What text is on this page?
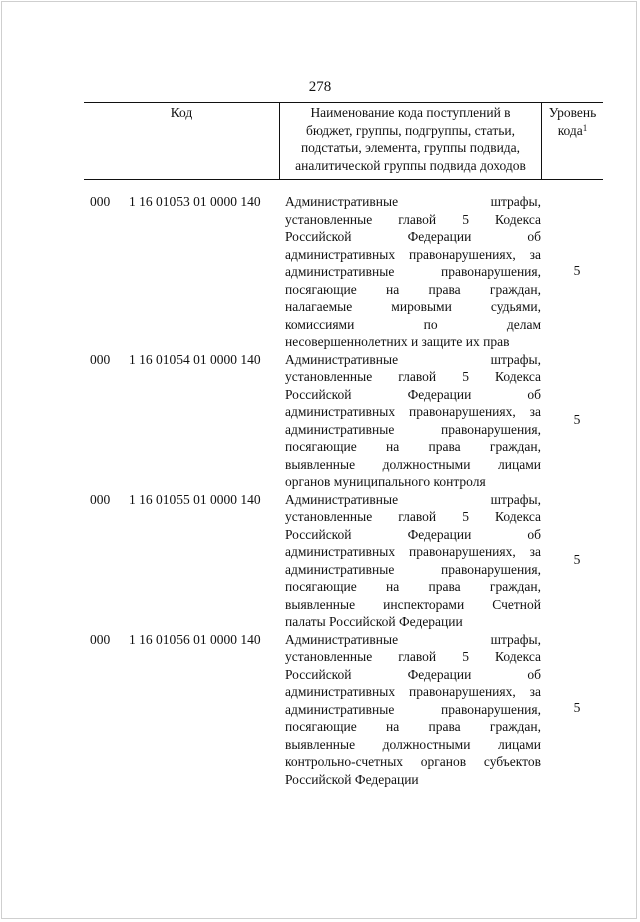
278
Код	Наименование кода поступлений в
бюджет, группы, подгруппы, статьи,
подстатьи, элемента, группы подвида,
аналитической группы подвида доходов
Уровень
кода$^1$
000 1 16 01053 01 0000 140 Административные штрафы,
установленные главой 5 Кодекса
Российской Федерации об
административных правонарушениях, за
административные правонарушения,
посягающие на права граждан,
налагаемые мировыми судьями,
комиссиями по делам
несовершеннолетних и защите их прав
5
000 1 16 01054 01 0000 140 Административные штрафы,
установленные главой 5 Кодекса
Российской Федерации об
административных правонарушениях, за
административные правонарушения,
посягающие на права граждан,
выявленные должностными лицами
органов муниципального контроля
5
000 1 16 01055 01 0000 140 Административные штрафы,
установленные главой 5 Кодекса
Российской Федерации об
административных правонарушениях, за
административные правонарушения,
посягающие на права граждан,
выявленные инспекторами Счетной
палаты Российской Федерации
5
000 1 16 01056 01 0000 140 Административные штрафы,
установленные главой 5 Кодекса
Российской Федерации об
административных правонарушениях, за
административные правонарушения,
посягающие на права граждан,
выявленные должностными лицами
контрольно-счетных органов субъектов
Российской Федерации
5
